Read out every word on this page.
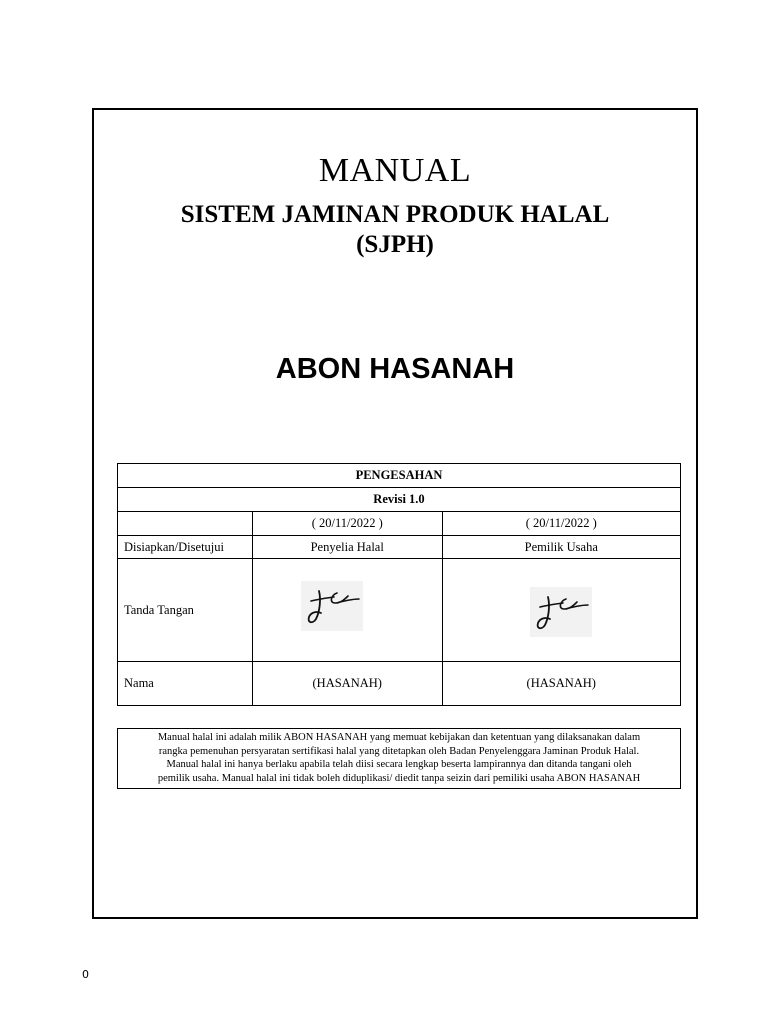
MANUAL
SISTEM JAMINAN PRODUK HALAL
(SJPH)
ABON HASANAH
PENGESAHAN		
Revisi 1.0		
	( 20/11/2022 )	( 20/11/2022 )
Disiapkan/Disetujui	Penyelia Halal	Pemilik Usaha
Tanda Tangan	

Nama	(HASANAH)	(HASANAH)
Manual halal ini adalah milik ABON HASANAH yang memuat kebijakan dan ketentuan yang dilaksanakan dalam
rangka pemenuhan persyaratan sertifikasi halal yang ditetapkan oleh Badan Penyelenggara Jaminan Produk Halal.
Manual halal ini hanya berlaku apabila telah diisi secara lengkap beserta lampirannya dan ditanda tangani oleh
pemilik usaha. Manual halal ini tidak boleh diduplikasi/ diedit tanpa seizin dari pemiliki usaha ABON HASANAH
0
